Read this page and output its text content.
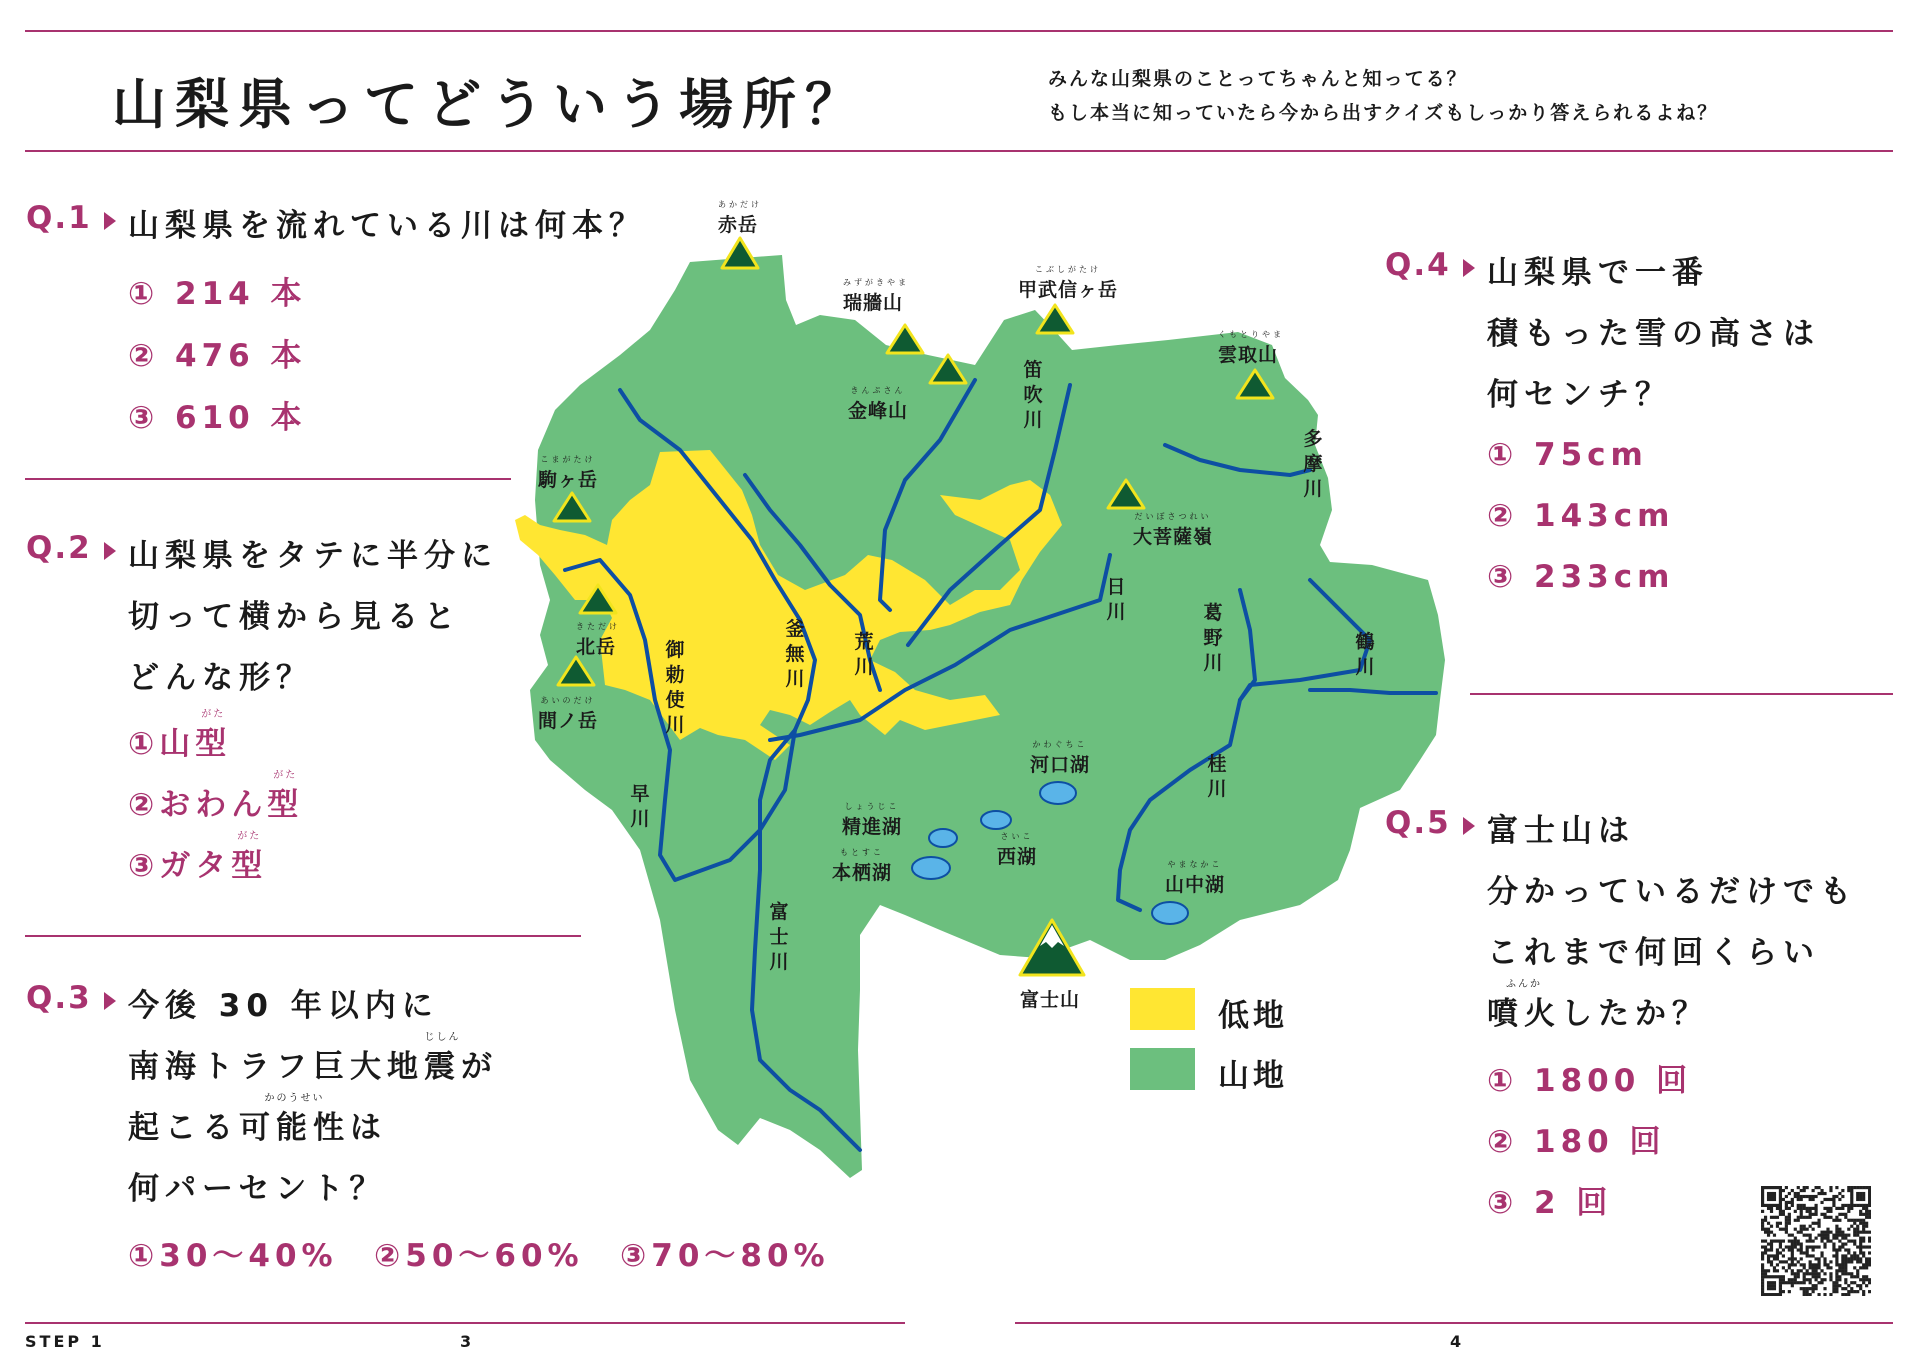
山梨県ってどういう場所？	みんな山梨県のことってちゃんと知ってる？
もし本当に知っていたら今から出すクイズもしっかり答えられるよね？
Q.1 山梨県を流れている川は何本？
① 214 本
② 476 本
③ 610 本
Q.2 山梨県をタテに半分に
切って横から見ると
どんな形？
①山
がた
型
②おわん
がた
型
③ガタ
がた
型
Q.3 今後 30 年以内に
南海トラフ巨大地
じしん
震が
起こる
かのうせい
可能性は
何パーセント？
①30～40% ②50～60% ③70～80%
Q.4 山梨県で一番
積もった雪の高さは
何センチ？
① 75cm
② 143cm
③ 233cm
Q.5 富士山は
分かっているだけでも
これまで何回くらい
ふんか
噴火したか？
① 1800 回
② 180 回
③ 2 回
あかだけ
赤岳
みずがきやま
瑞牆山
こぶしがたけ
甲武信ヶ岳
くもとりやま
雲取山
きんぷさん
金峰山
こまがたけ
駒ヶ岳
だいぼさつれい
大菩薩嶺
きただけ
北岳
あいのだけ
間ノ岳
富士山
かわぐちこ
河口湖
しょうじこ
精進湖	さいこ
西湖
もとすこ
本栖湖	やまなかこ
山中湖
笛吹川
多摩川
日川	葛野川
鶴川
釜無川
荒川
御勅使川
早川
富士川
桂川
低地
山地
STEP 1	3	4
